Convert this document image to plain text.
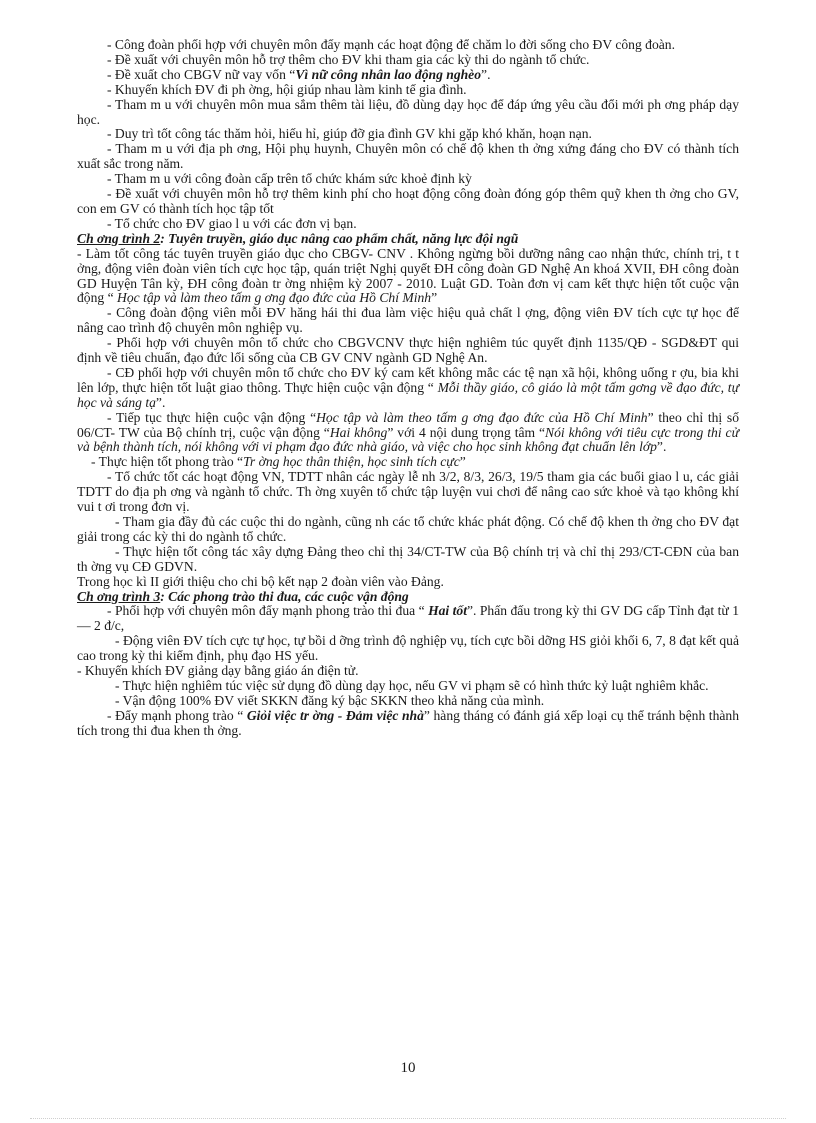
- Công đoàn phối hợp với chuyên môn đẩy mạnh các hoạt động để chăm lo đời sống cho ĐV công đoàn.

- Đề xuất với chuyên môn hỗ trợ thêm cho ĐV khi tham gia các kỳ thi do ngành tổ chức.

- Đề xuất cho CBGV nữ vay vốn “Vì nữ công nhân lao động nghèo”.

- Khuyến khích ĐV đi ph ờng, hội giúp nhau làm kinh tế gia đình.

- Tham m u với chuyên môn mua sắm thêm tài liệu, đồ dùng dạy học để đáp ứng yêu cầu đổi mới ph ơng pháp dạy học.

- Duy trì tốt công tác thăm hỏi, hiếu hỉ, giúp đỡ gia đình GV khi gặp khó khăn, hoạn nạn.

- Tham m u với địa ph ơng, Hội phụ huynh, Chuyên môn có chế độ khen th ởng xứng đáng cho ĐV có thành tích xuất sắc trong năm.

- Tham m u với công đoàn cấp trên tổ chức khám sức khoẻ định kỳ

- Đề xuất với chuyên môn hỗ trợ thêm kinh phí cho hoạt động công đoàn đóng góp thêm quỹ khen th ởng cho GV, con em GV có thành tích học tập tốt

- Tổ chức cho ĐV giao l u với các đơn vị bạn.

Ch ơng trình 2: Tuyên truyền, giáo dục nâng cao phẩm chất, năng lực đội ngũ

- Làm tốt công tác tuyên truyền giáo dục cho CBGV- CNV . Không ngừng bồi dưỡng nâng cao nhận thức, chính trị, t t ởng, động viên đoàn viên tích cực học tập, quán triệt Nghị quyết ĐH công đoàn GD Nghệ An khoá XVII, ĐH công đoàn GD Huyện Tân kỳ, ĐH công đoàn tr ờng nhiệm kỳ 2007 - 2010. Luật GD. Toàn đơn vị cam kết thực hiện tốt cuộc vận động “ Học tập và làm theo tấm g ơng đạo đức của Hồ Chí Minh”

- Công đoàn động viên mỗi ĐV hăng hái thi đua làm việc hiệu quả chất l ợng, động viên ĐV tích cực tự học để nâng cao trình độ chuyên môn nghiệp vụ.

- Phối hợp với chuyên môn tổ chức cho CBGVCNV thực hiện nghiêm túc quyết định 1135/QĐ - SGD&ĐT qui định về tiêu chuẩn, đạo đức lối sống của CB GV CNV ngành GD Nghệ An.

- CĐ phối hợp với chuyên môn tổ chức cho ĐV ký cam kết không mắc các tệ nạn xã hội, không uống r ợu, bia khi lên lớp, thực hiện tốt luật giao thông. Thực hiện cuộc vận động “ Mỗi thầy giáo, cô giáo là một tấm gơng về đạo đức, tự học và sáng tạ”.

- Tiếp tục thực hiện cuộc vận động “Học tập và làm theo tấm g ơng đạo đức của Hồ Chí Minh” theo chỉ thị số 06/CT- TW của Bộ chính trị, cuộc vận động “Hai không” với 4 nội dung trọng tâm “Nói không với tiêu cực trong thi cử và bệnh thành tích, nói không với vi phạm đạo đức nhà giáo, và việc cho học sinh không đạt chuẩn lên lớp”.

- Thực hiện tốt phong trào “Tr ờng học thân thiện, học sinh tích cực”

- Tổ chức tốt các hoạt động VN, TDTT nhân các ngày lễ nh 3/2, 8/3, 26/3, 19/5 tham gia các buổi giao l u, các giải TDTT do địa ph ơng và ngành tổ chức. Th ờng xuyên tổ chức tập luyện vui chơi để nâng cao sức khoẻ và tạo không khí vui t ơi trong đơn vị.

- Tham gia đầy đủ các cuộc thi do ngành, cũng nh các tổ chức khác phát động. Có chế độ khen th ởng cho ĐV đạt giải trong các kỳ thi do ngành tổ chức.

- Thực hiện tốt công tác xây dựng Đảng theo chỉ thị 34/CT-TW của Bộ chính trị và chỉ thị 293/CT-CĐN của ban th ờng vụ CĐ GDVN.

Trong học kì II giới thiệu cho chi bộ kết nạp 2 đoàn viên vào Đảng.

Ch ơng trình 3: Các phong trào thi đua, các cuộc vận động

- Phối hợp với chuyên môn đẩy mạnh phong trào thi đua “ Hai tốt”. Phấn đấu trong kỳ thi GV DG cấp Tỉnh đạt từ 1 — 2 đ/c,

- Động viên ĐV tích cực tự học, tự bồi d ỡng trình độ nghiệp vụ, tích cực bồi dỡng HS giỏi khối 6, 7, 8 đạt kết quả cao trong kỳ thi kiểm định, phụ đạo HS yếu.

- Khuyến khích ĐV giảng dạy bằng giáo án điện tử.

- Thực hiện nghiêm túc việc sử dụng đồ dùng dạy học, nếu GV vi phạm sẽ có hình thức kỷ luật nghiêm khắc.

- Vận động 100% ĐV viết SKKN đăng ký bậc SKKN theo khả năng của mình.

- Đẩy mạnh phong trào “ Giỏi việc tr ờng - Đảm việc nhà” hàng tháng có đánh giá xếp loại cụ thể tránh bệnh thành tích trong thi đua khen th ởng.

10
